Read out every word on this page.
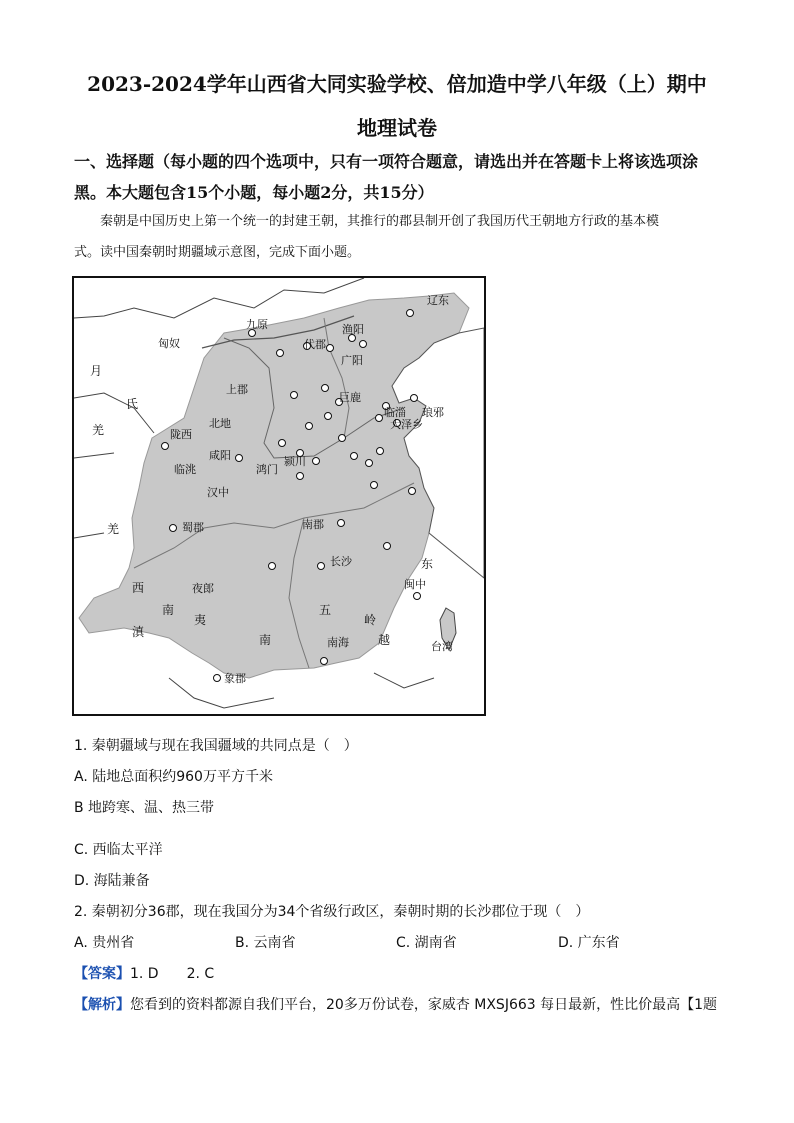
2023-2024学年山西省大同实验学校、倍加造中学八年级（上）期中
地理试卷
一、选择题（每小题的四个选项中，只有一项符合题意，请选出并在答题卡上将该选项涂黑。本大题包含15个小题，每小题2分，共15分）
秦朝是中国历史上第一个统一的封建王朝，其推行的郡县制开创了我国历代王朝地方行政的基本模
式。读中国秦朝时期疆域示意图，完成下面小题。
辽东
九原	渔阳
匈奴	代郡
广阳
月
上郡
巨鹿
氏
临淄 琅邪
北地
羌	陇西
咸阳
大泽乡
鸿门
颍川
临洮
汉中
羌	蜀郡	南郡
长沙	东
闽中
西	夜郎
南
夷
五
岭
滇
南	南海 越	台湾
象郡
1. 秦朝疆域与现在我国疆域的共同点是（　）
A. 陆地总面积约960万平方千米
B 地跨寒、温、热三带
C. 西临太平洋
D. 海陆兼备
2. 秦朝初分36郡，现在我国分为34个省级行政区，秦朝时期的长沙郡位于现（　）
A. 贵州省	B. 云南省	C. 湖南省	D. 广东省
【答案】1. D　　2. C
【解析】您看到的资料都源自我们平台，20多万份试卷，家威杏 MXSJ663 每日最新，性比价最高【1题
